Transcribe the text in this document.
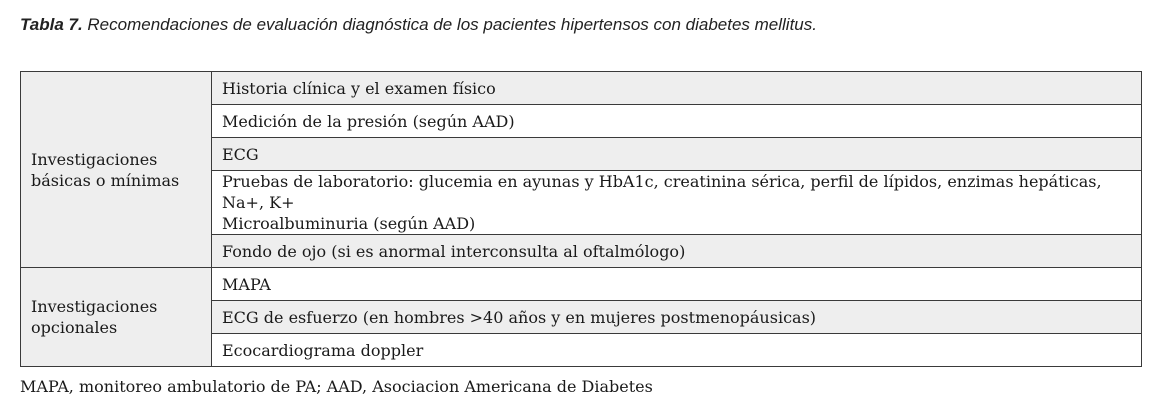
Tabla 7. Recomendaciones de evaluación diagnóstica de los pacientes hipertensos con diabetes mellitus.
Investigaciones
básicas o mínimas	Historia clínica y el examen físico
	Medición de la presión (según AAD)
	ECG

	Pruebas de laboratorio: glucemia en ayunas y HbA1c, creatinina sérica, perfil de lípidos, enzimas hepáticas, Na+, K+
Microalbuminuria (según AAD)

	Fondo de ojo (si es anormal interconsulta al oftalmólogo)

Investigaciones
opcionales	MAPA
	ECG de esfuerzo (en hombres >40 años y en mujeres postmenopáusicas)
	Ecocardiograma doppler
MAPA, monitoreo ambulatorio de PA; AAD, Asociacion Americana de Diabetes
